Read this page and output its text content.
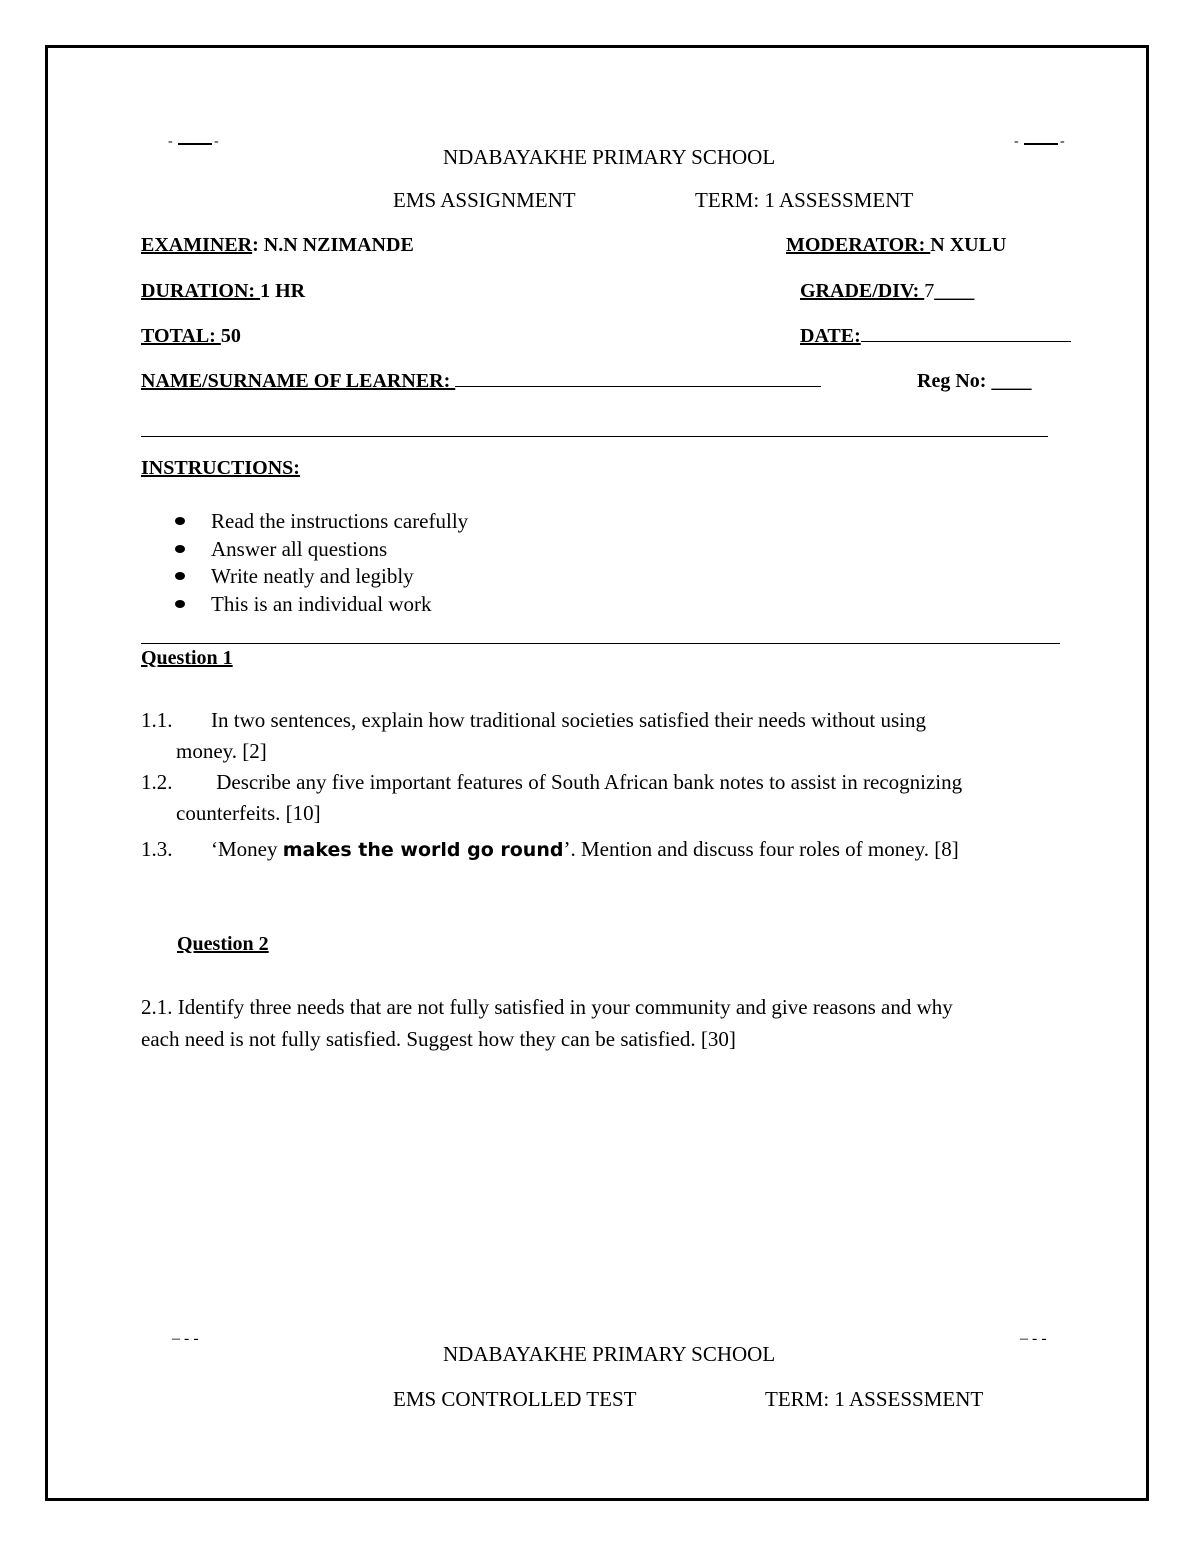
-	-	-	-
NDABAYAKHE PRIMARY SCHOOL
EMS ASSIGNMENT	TERM: 1 ASSESSMENT
EXAMINER: N.N NZIMANDE	MODERATOR: N XULU
DURATION: 1 HR	GRADE/DIV: 7____
TOTAL: 50	DATE:
NAME/SURNAME OF LEARNER:	Reg No: ____
INSTRUCTIONS:
Read the instructions carefully
Answer all questions
Write neatly and legibly
This is an individual work
Question 1
1.1. In two sentences, explain how traditional societies satisfied their needs without using
money. [2]
1.2. Describe any five important features of South African bank notes to assist in recognizing
counterfeits. [10]
1.3. ‘Money makes the world go round’. Mention and discuss four roles of money. [8]
Question 2
2.1. Identify three needs that are not fully satisfied in your community and give reasons and why
each need is not fully satisfied. Suggest how they can be satisfied. [30]
– - -	– - -
NDABAYAKHE PRIMARY SCHOOL
EMS CONTROLLED TEST	TERM: 1 ASSESSMENT
